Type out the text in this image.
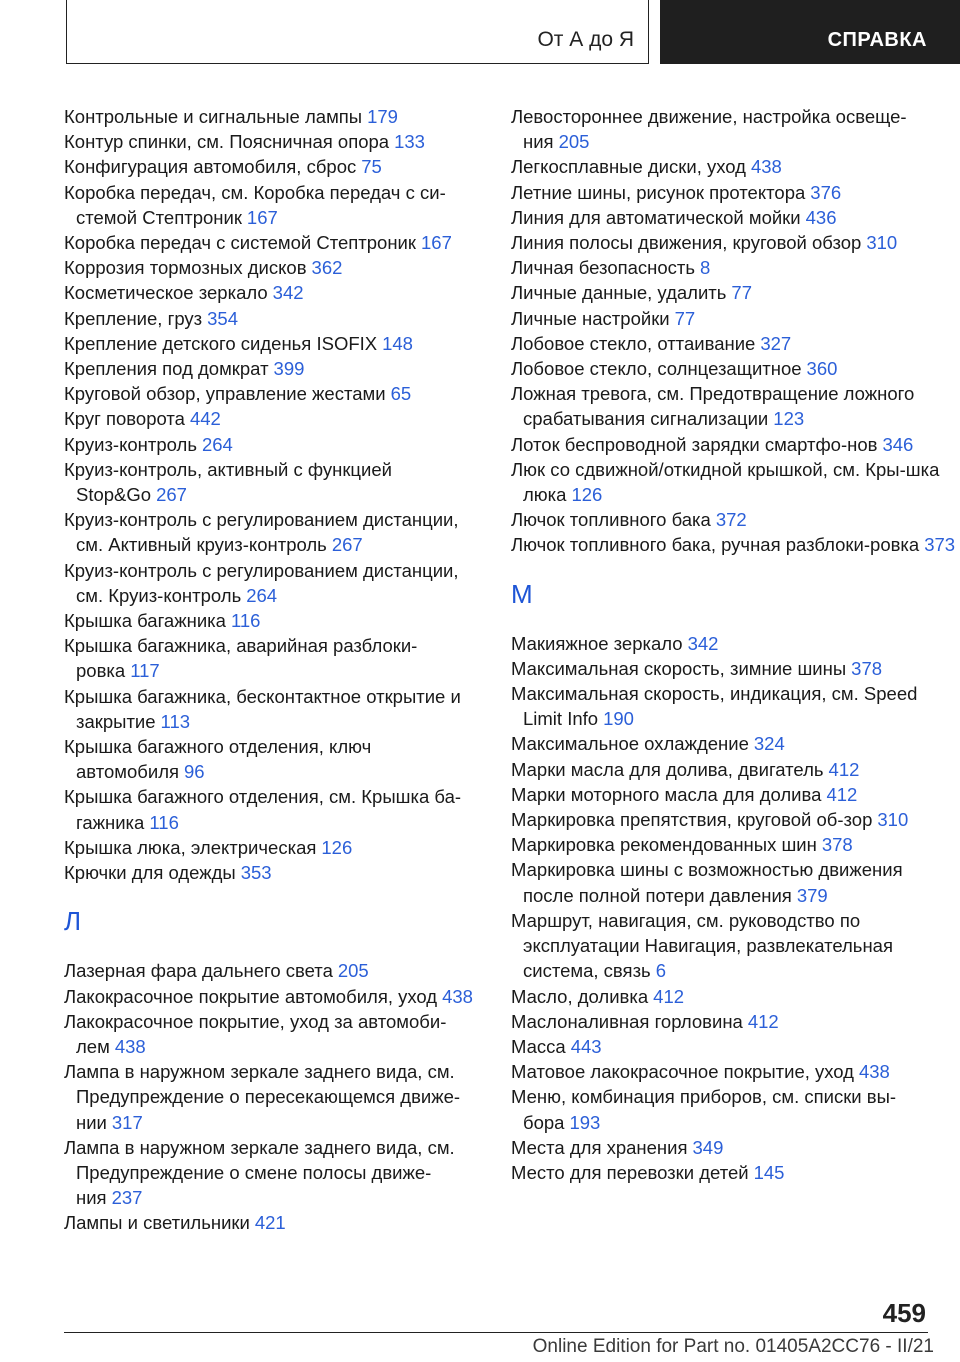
От А до Я	СПРАВКА
Контрольные и сигнальные лампы 179
Контур спинки, см. Поясничная опора 133
Конфигурация автомобиля, сброс 75
Коробка передач, см. Коробка передач с си-стемой Стептроник 167
Коробка передач с системой Стептроник 167
Коррозия тормозных дисков 362
Косметическое зеркало 342
Крепление, груз 354
Крепление детского сиденья ISOFIX 148
Крепления под домкрат 399
Круговой обзор, управление жестами 65
Круг поворота 442
Круиз-контроль 264
Круиз-контроль, активный с функцией Stop&Go 267
Круиз-контроль с регулированием дистанции, см. Активный круиз-контроль 267
Круиз-контроль с регулированием дистанции, см. Круиз-контроль 264
Крышка багажника 116
Крышка багажника, аварийная разблоки-ровка 117
Крышка багажника, бесконтактное открытие и закрытие 113
Крышка багажного отделения, ключ автомобиля 96
Крышка багажного отделения, см. Крышка ба-гажника 116
Крышка люка, электрическая 126
Крючки для одежды 353
Л
Лазерная фара дальнего света 205
Лакокрасочное покрытие автомобиля, уход 438
Лакокрасочное покрытие, уход за автомоби-лем 438
Лампа в наружном зеркале заднего вида, см. Предупреждение о пересекающемся движе-нии 317
Лампа в наружном зеркале заднего вида, см. Предупреждение о смене полосы движе-ния 237
Лампы и светильники 421
Левостороннее движение, настройка освеще-ния 205
Легкосплавные диски, уход 438
Летние шины, рисунок протектора 376
Линия для автоматической мойки 436
Линия полосы движения, круговой обзор 310
Личная безопасность 8
Личные данные, удалить 77
Личные настройки 77
Лобовое стекло, оттаивание 327
Лобовое стекло, солнцезащитное 360
Ложная тревога, см. Предотвращение ложного срабатывания сигнализации 123
Лоток беспроводной зарядки смартфо-нов 346
Люк со сдвижной/откидной крышкой, см. Кры-шка люка 126
Лючок топливного бака 372
Лючок топливного бака, ручная разблоки-ровка 373
М
Макияжное зеркало 342
Максимальная скорость, зимние шины 378
Максимальная скорость, индикация, см. Speed Limit Info 190
Максимальное охлаждение 324
Марки масла для долива, двигатель 412
Марки моторного масла для долива 412
Маркировка препятствия, круговой об-зор 310
Маркировка рекомендованных шин 378
Маркировка шины с возможностью движения после полной потери давления 379
Маршрут, навигация, см. руководство по эксплуатации Навигация, развлекательная система, связь 6
Масло, доливка 412
Маслоналивная горловина 412
Масса 443
Матовое лакокрасочное покрытие, уход 438
Меню, комбинация приборов, см. списки вы-бора 193
Места для хранения 349
Место для перевозки детей 145
459
Online Edition for Part no. 01405A2CC76 - II/21
